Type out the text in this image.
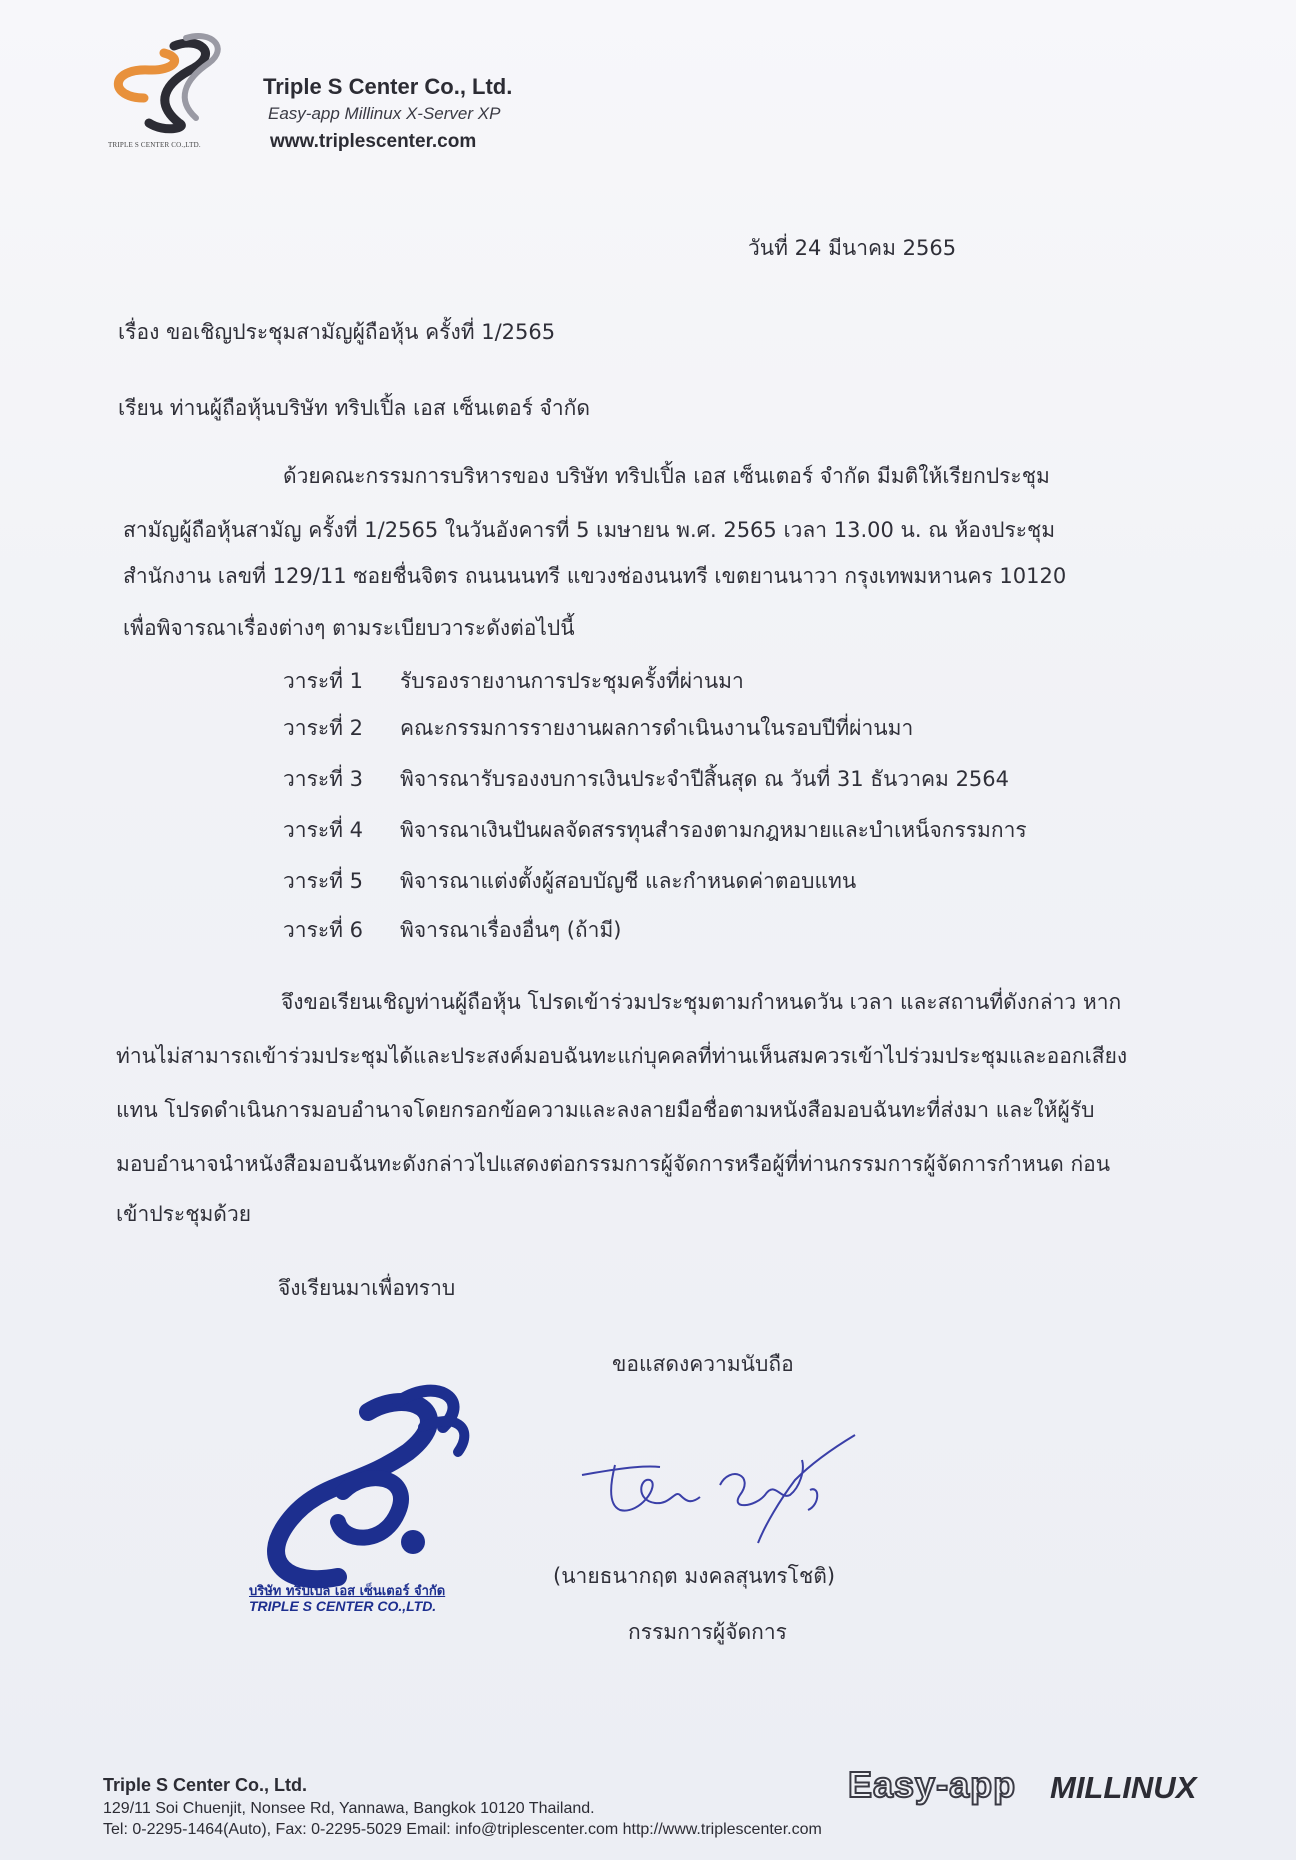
TRIPLE S CENTER CO.,LTD.
Triple S Center Co., Ltd.
Easy-app Millinux X-Server XP
www.triplescenter.com
วันที่ 24 มีนาคม 2565
เรื่อง ขอเชิญประชุมสามัญผู้ถือหุ้น ครั้งที่ 1/2565
เรียน ท่านผู้ถือหุ้นบริษัท ทริปเปิ้ล เอส เซ็นเตอร์ จำกัด
ด้วยคณะกรรมการบริหารของ บริษัท ทริปเปิ้ล เอส เซ็นเตอร์ จำกัด มีมติให้เรียกประชุม
สามัญผู้ถือหุ้นสามัญ ครั้งที่ 1/2565 ในวันอังคารที่ 5 เมษายน พ.ศ. 2565 เวลา 13.00 น. ณ ห้องประชุม
สำนักงาน เลขที่ 129/11 ซอยชื่นจิตร ถนนนนทรี แขวงช่องนนทรี เขตยานนาวา กรุงเทพมหานคร 10120
เพื่อพิจารณาเรื่องต่างๆ ตามระเบียบวาระดังต่อไปนี้
วาระที่ 1 รับรองรายงานการประชุมครั้งที่ผ่านมา
วาระที่ 2 คณะกรรมการรายงานผลการดำเนินงานในรอบปีที่ผ่านมา
วาระที่ 3 พิจารณารับรองงบการเงินประจำปีสิ้นสุด ณ วันที่ 31 ธันวาคม 2564
วาระที่ 4 พิจารณาเงินปันผลจัดสรรทุนสำรองตามกฎหมายและบำเหน็จกรรมการ
วาระที่ 5 พิจารณาแต่งตั้งผู้สอบบัญชี และกำหนดค่าตอบแทน
วาระที่ 6 พิจารณาเรื่องอื่นๆ (ถ้ามี)
จึงขอเรียนเชิญท่านผู้ถือหุ้น โปรดเข้าร่วมประชุมตามกำหนดวัน เวลา และสถานที่ดังกล่าว หาก
ท่านไม่สามารถเข้าร่วมประชุมได้และประสงค์มอบฉันทะแก่บุคคลที่ท่านเห็นสมควรเข้าไปร่วมประชุมและออกเสียง
แทน โปรดดำเนินการมอบอำนาจโดยกรอกข้อความและลงลายมือชื่อตามหนังสือมอบฉันทะที่ส่งมา และให้ผู้รับ
มอบอำนาจนำหนังสือมอบฉันทะดังกล่าวไปแสดงต่อกรรมการผู้จัดการหรือผู้ที่ท่านกรรมการผู้จัดการกำหนด ก่อน
เข้าประชุมด้วย
จึงเรียนมาเพื่อทราบ
ขอแสดงความนับถือ
บริษัท ทริปเปิ้ล เอส เซ็นเตอร์ จำกัด
TRIPLE S CENTER CO.,LTD.
(นายธนากฤต มงคลสุนทรโชติ)
กรรมการผู้จัดการ
Triple S Center Co., Ltd.
129/11 Soi Chuenjit, Nonsee Rd, Yannawa, Bangkok 10120 Thailand.
Tel: 0-2295-1464(Auto), Fax: 0-2295-5029 Email: info@triplescenter.com http://www.triplescenter.com
Easy-app MILLINUX
